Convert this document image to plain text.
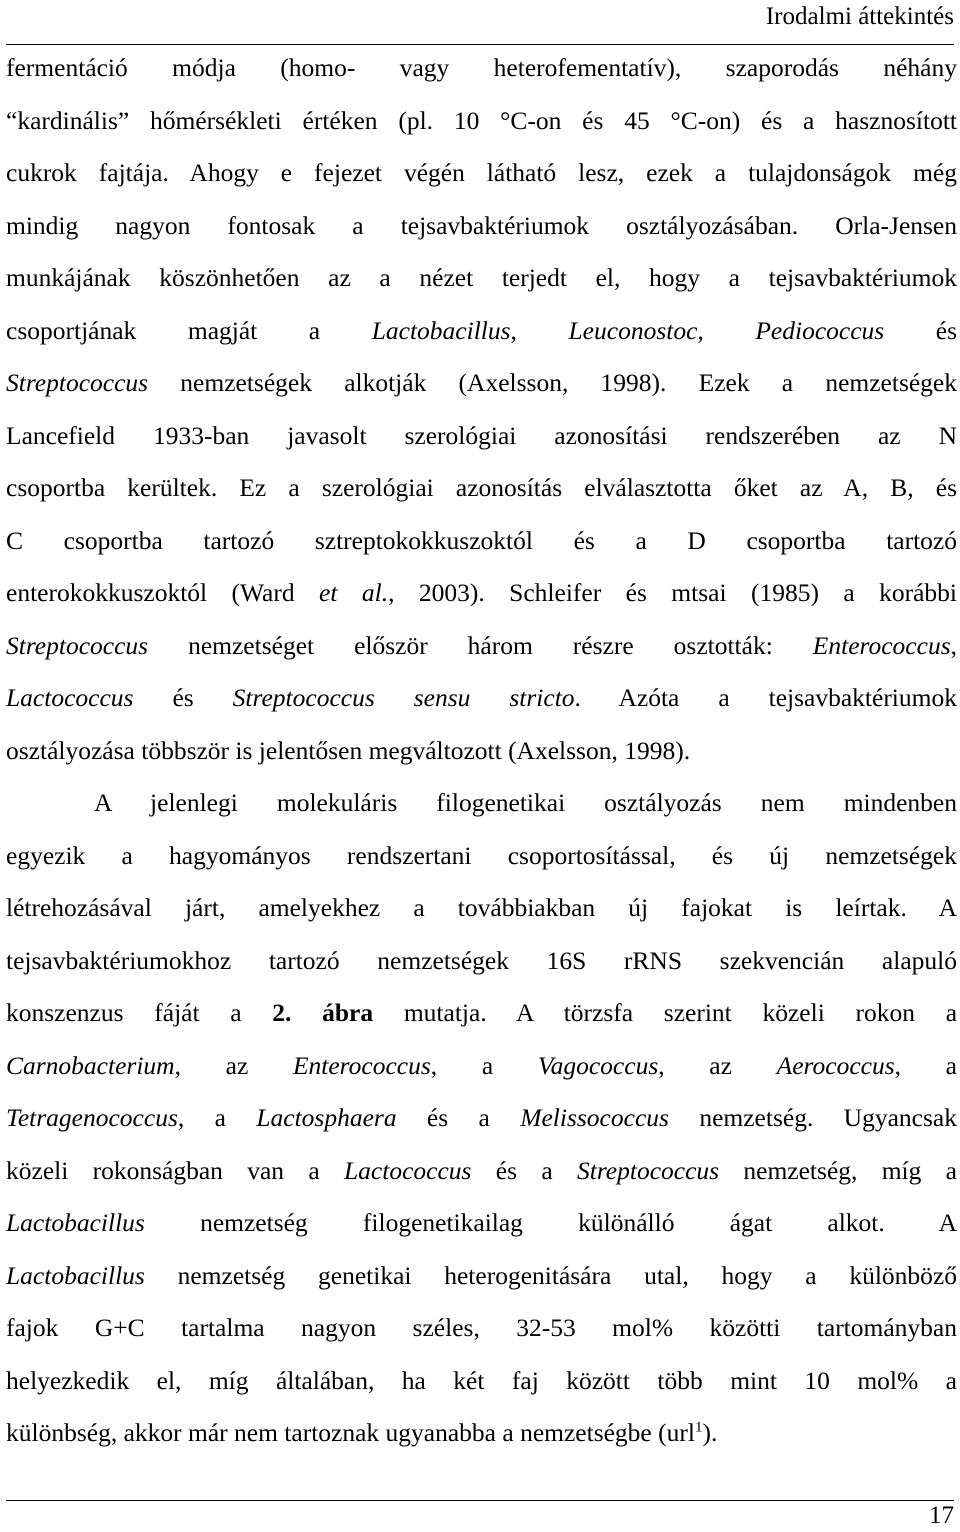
Irodalmi áttekintés
fermentáció módja (homo- vagy heterofementatív), szaporodás néhány
“kardinális” hőmérsékleti értéken (pl. 10 °C-on és 45 °C-on) és a hasznosított
cukrok fajtája. Ahogy e fejezet végén látható lesz, ezek a tulajdonságok még
mindig nagyon fontosak a tejsavbaktériumok osztályozásában. Orla-Jensen
munkájának köszönhetően az a nézet terjedt el, hogy a tejsavbaktériumok
csoportjának magját a Lactobacillus, Leuconostoc, Pediococcus és
Streptococcus nemzetségek alkotják (Axelsson, 1998). Ezek a nemzetségek
Lancefield 1933-ban javasolt szerológiai azonosítási rendszerében az N
csoportba kerültek. Ez a szerológiai azonosítás elválasztotta őket az A, B, és
C csoportba tartozó sztreptokokkuszoktól és a D csoportba tartozó
enterokokkuszoktól (Ward et al., 2003). Schleifer és mtsai (1985) a korábbi
Streptococcus nemzetséget először három részre osztották: Enterococcus,
Lactococcus és Streptococcus sensu stricto. Azóta a tejsavbaktériumok
osztályozása többször is jelentősen megváltozott (Axelsson, 1998).
A jelenlegi molekuláris filogenetikai osztályozás nem mindenben
egyezik a hagyományos rendszertani csoportosítással, és új nemzetségek
létrehozásával járt, amelyekhez a továbbiakban új fajokat is leírtak. A
tejsavbaktériumokhoz tartozó nemzetségek 16S rRNS szekvencián alapuló
konszenzus fáját a 2. ábra mutatja. A törzsfa szerint közeli rokon a
Carnobacterium, az Enterococcus, a Vagococcus, az Aerococcus, a
Tetragenococcus, a Lactosphaera és a Melissococcus nemzetség. Ugyancsak
közeli rokonságban van a Lactococcus és a Streptococcus nemzetség, míg a
Lactobacillus nemzetség filogenetikailag különálló ágat alkot. A
Lactobacillus nemzetség genetikai heterogenitására utal, hogy a különböző
fajok G+C tartalma nagyon széles, 32-53 mol% közötti tartományban
helyezkedik el, míg általában, ha két faj között több mint 10 mol% a
különbség, akkor már nem tartoznak ugyanabba a nemzetségbe (url$^1$).
17
